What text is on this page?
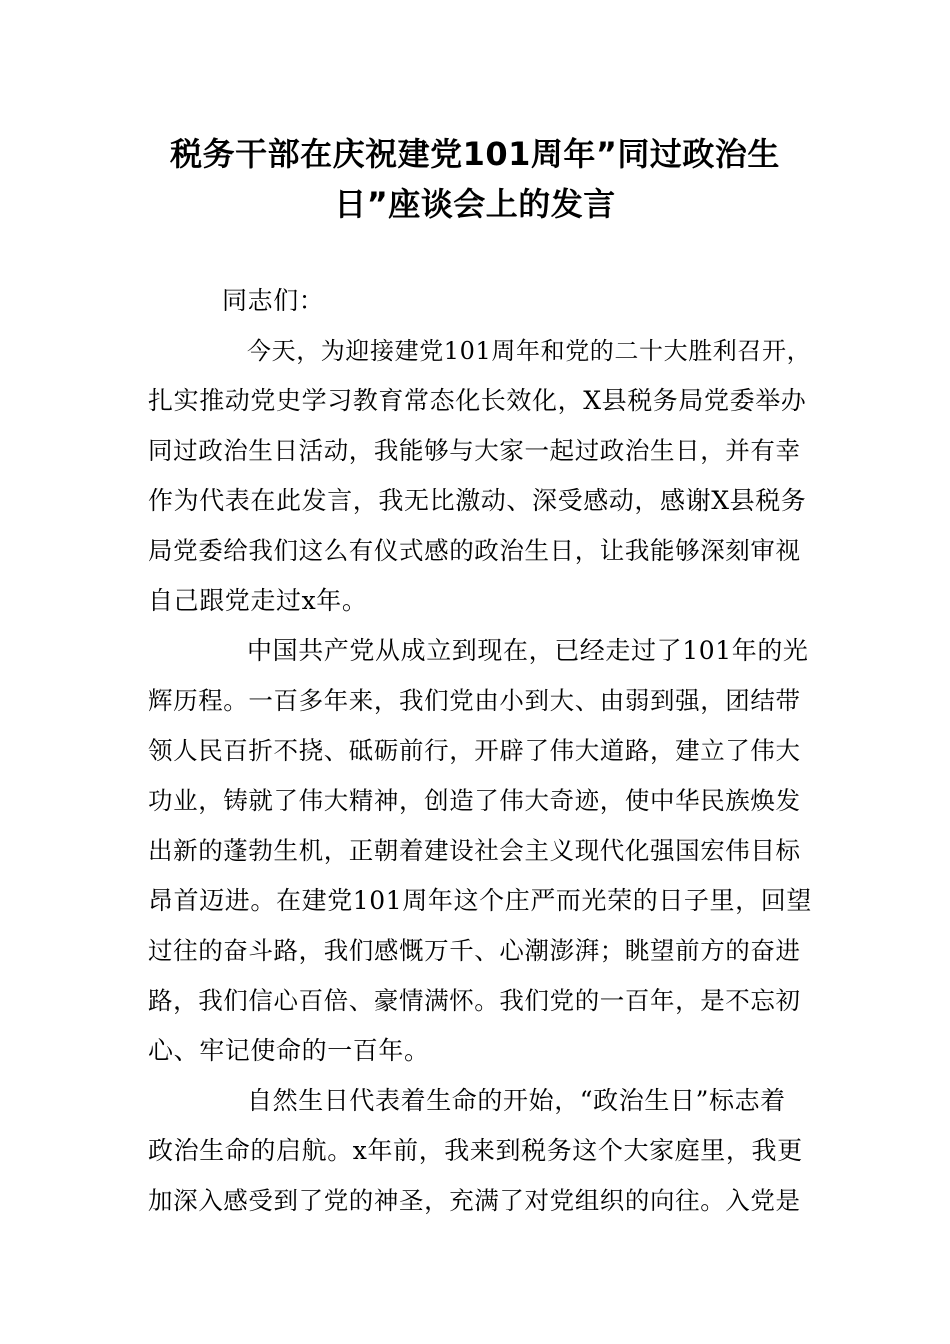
税务干部在庆祝建党101周年”同过政治生
日”座谈会上的发言
同志们：
今天，为迎接建党101周年和党的二十大胜利召开，
扎实推动党史学习教育常态化长效化，X县税务局党委举办
同过政治生日活动，我能够与大家一起过政治生日，并有幸
作为代表在此发言，我无比激动、深受感动，感谢X县税务
局党委给我们这么有仪式感的政治生日，让我能够深刻审视
自己跟党走过x年。
中国共产党从成立到现在，已经走过了101年的光
辉历程。一百多年来，我们党由小到大、由弱到强，团结带
领人民百折不挠、砥砺前行，开辟了伟大道路，建立了伟大
功业，铸就了伟大精神，创造了伟大奇迹，使中华民族焕发
出新的蓬勃生机，正朝着建设社会主义现代化强国宏伟目标
昂首迈进。在建党101周年这个庄严而光荣的日子里，回望
过往的奋斗路，我们感慨万千、心潮澎湃；眺望前方的奋进
路，我们信心百倍、豪情满怀。我们党的一百年，是不忘初
心、牢记使命的一百年。
自然生日代表着生命的开始，“政治生日”标志着
政治生命的启航。x年前，我来到税务这个大家庭里，我更
加深入感受到了党的神圣，充满了对党组织的向往。入党是
